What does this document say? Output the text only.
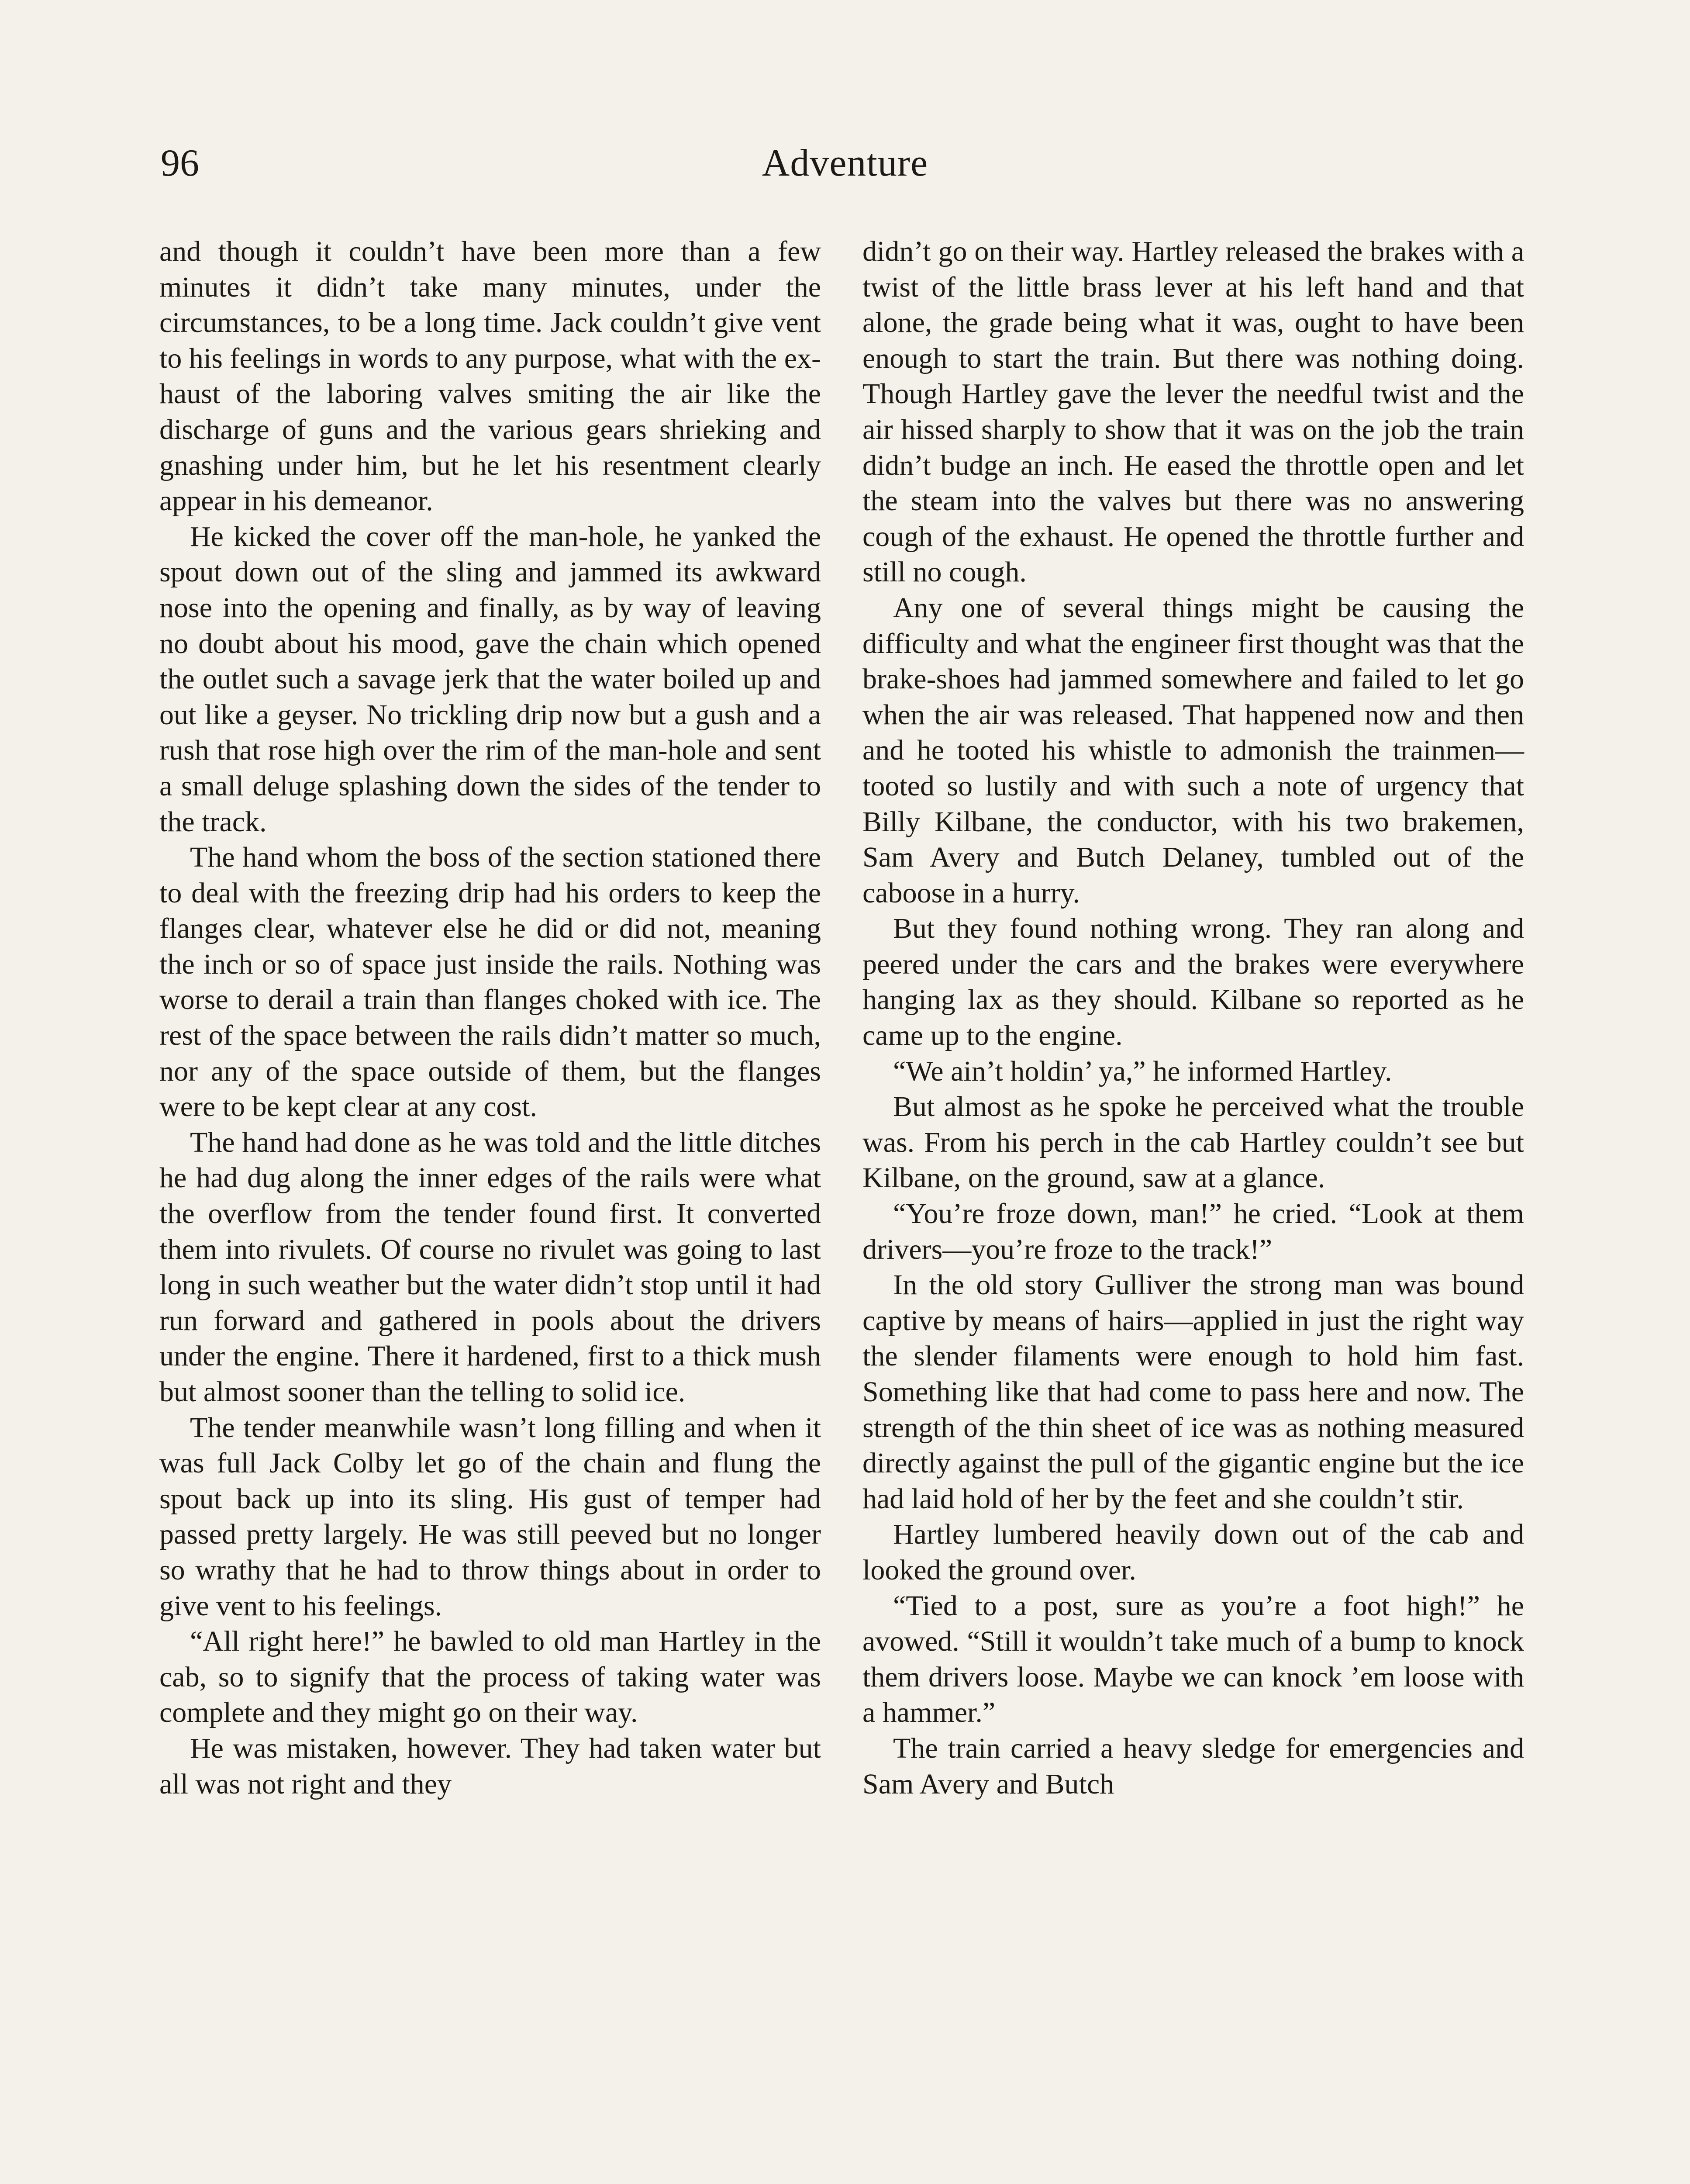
96	Adventure

and though it couldn’t have been more than a few minutes it didn’t take many minutes, under the circumstances, to be a long time. Jack couldn’t give vent to his feelings in words to any purpose, what with the exhaust of the laboring valves smiting the air like the discharge of guns and the various gears shrieking and gnashing under him, but he let his resentment clearly appear in his demeanor.

He kicked the cover off the man-hole, he yanked the spout down out of the sling and jammed its awkward nose into the opening and finally, as by way of leaving no doubt about his mood, gave the chain which opened the outlet such a savage jerk that the water boiled up and out like a geyser. No trickling drip now but a gush and a rush that rose high over the rim of the man-hole and sent a small deluge splashing down the sides of the tender to the track.

The hand whom the boss of the section stationed there to deal with the freezing drip had his orders to keep the flanges clear, whatever else he did or did not, meaning the inch or so of space just inside the rails. Nothing was worse to derail a train than flanges choked with ice. The rest of the space between the rails didn’t matter so much, nor any of the space outside of them, but the flanges were to be kept clear at any cost.

The hand had done as he was told and the little ditches he had dug along the inner edges of the rails were what the overflow from the tender found first. It converted them into rivulets. Of course no rivulet was going to last long in such weather but the water didn’t stop until it had run forward and gathered in pools about the drivers under the engine. There it hardened, first to a thick mush but almost sooner than the telling to solid ice.

The tender meanwhile wasn’t long filling and when it was full Jack Colby let go of the chain and flung the spout back up into its sling. His gust of temper had passed pretty largely. He was still peeved but no longer so wrathy that he had to throw things about in order to give vent to his feelings.

“All right here!” he bawled to old man Hartley in the cab, so to signify that the process of taking water was complete and they might go on their way.

He was mistaken, however. They had taken water but all was not right and they

didn’t go on their way. Hartley released the brakes with a twist of the little brass lever at his left hand and that alone, the grade being what it was, ought to have been enough to start the train. But there was nothing doing. Though Hartley gave the lever the needful twist and the air hissed sharply to show that it was on the job the train didn’t budge an inch. He eased the throttle open and let the steam into the valves but there was no answering cough of the exhaust. He opened the throttle further and still no cough.

Any one of several things might be causing the difficulty and what the engineer first thought was that the brake-shoes had jammed somewhere and failed to let go when the air was released. That happened now and then and he tooted his whistle to admonish the trainmen—tooted so lustily and with such a note of urgency that Billy Kilbane, the conductor, with his two brakemen, Sam Avery and Butch Delaney, tumbled out of the caboose in a hurry.

But they found nothing wrong. They ran along and peered under the cars and the brakes were everywhere hanging lax as they should. Kilbane so reported as he came up to the engine.

“We ain’t holdin’ ya,” he informed Hartley.

But almost as he spoke he perceived what the trouble was. From his perch in the cab Hartley couldn’t see but Kilbane, on the ground, saw at a glance.

“You’re froze down, man!” he cried. “Look at them drivers—you’re froze to the track!”

In the old story Gulliver the strong man was bound captive by means of hairs—applied in just the right way the slender filaments were enough to hold him fast. Something like that had come to pass here and now. The strength of the thin sheet of ice was as nothing measured directly against the pull of the gigantic engine but the ice had laid hold of her by the feet and she couldn’t stir.

Hartley lumbered heavily down out of the cab and looked the ground over.

“Tied to a post, sure as you’re a foot high!” he avowed. “Still it wouldn’t take much of a bump to knock them drivers loose. Maybe we can knock ’em loose with a hammer.”

The train carried a heavy sledge for emergencies and Sam Avery and Butch
